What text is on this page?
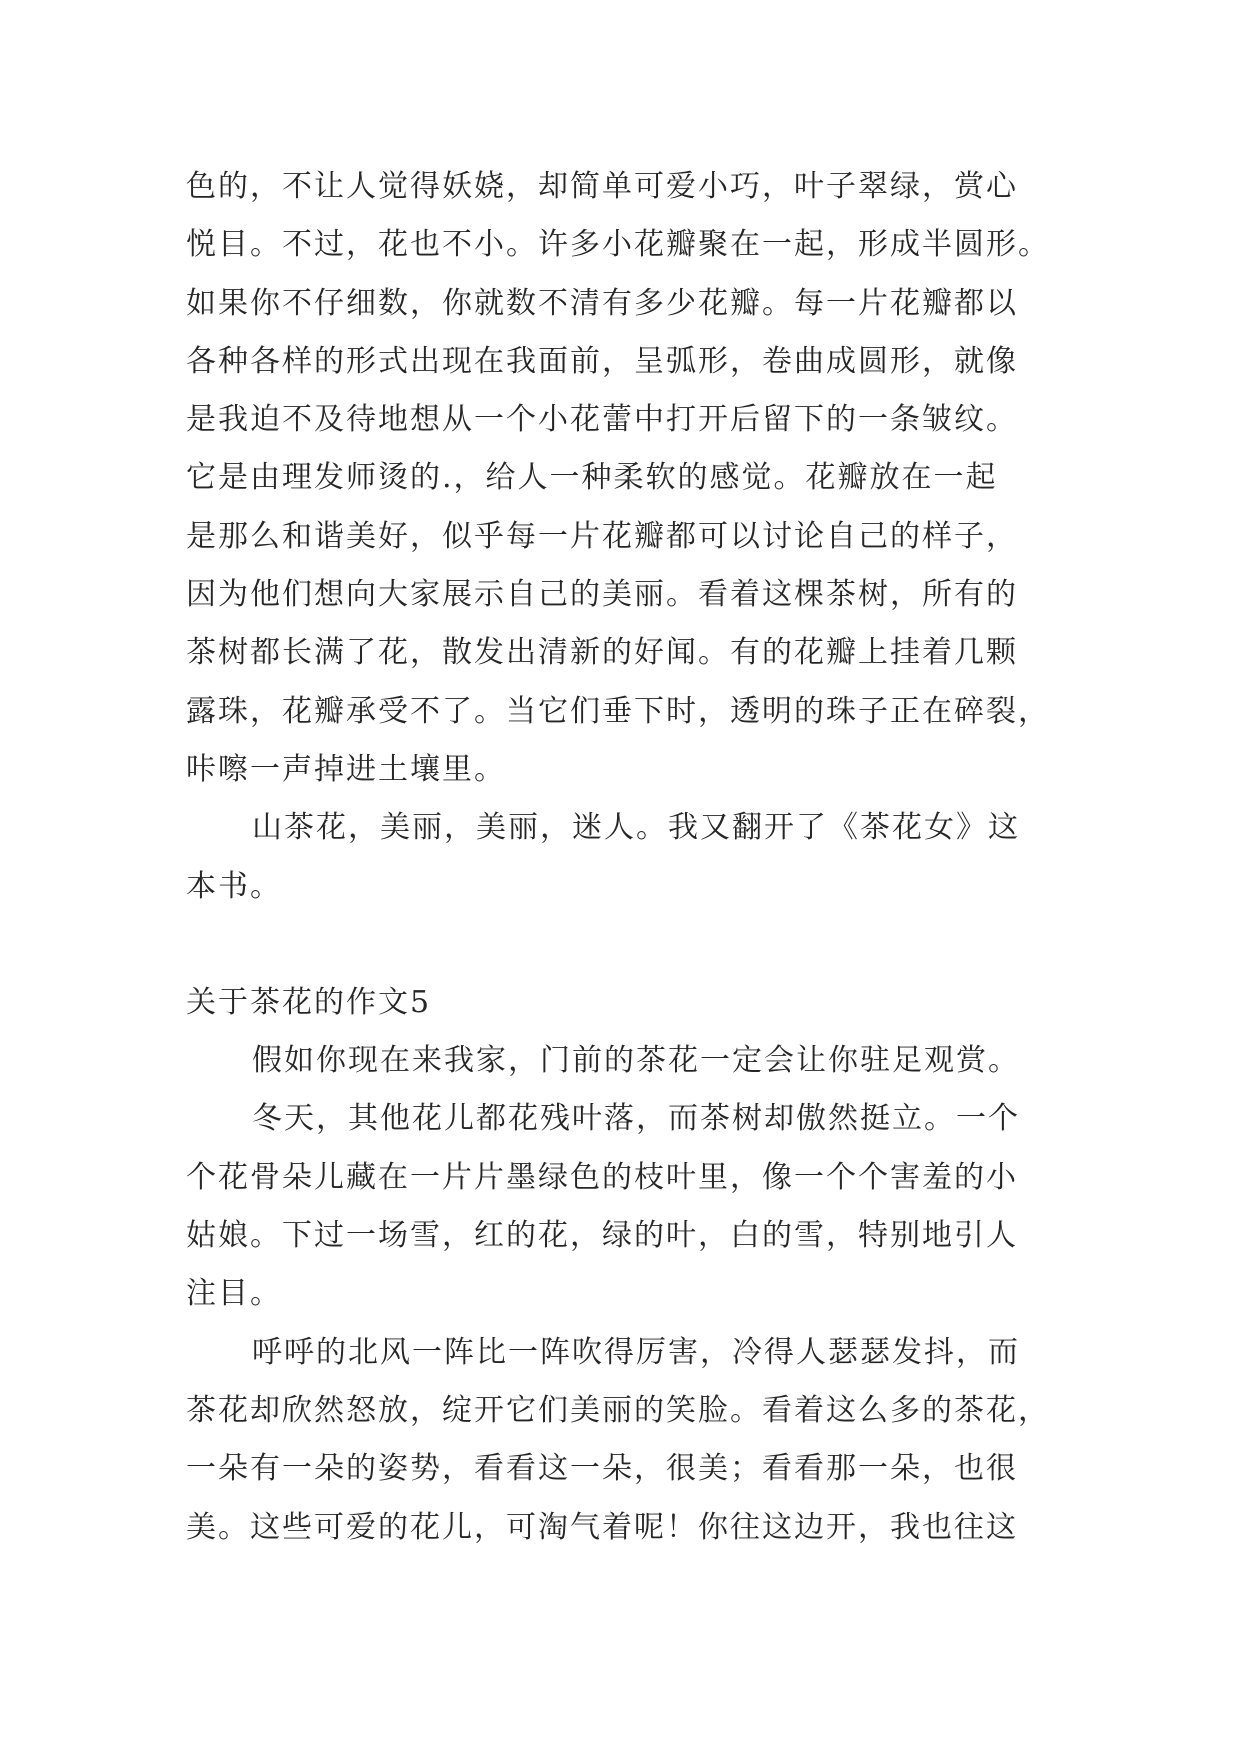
色的，不让人觉得妖娆，却简单可爱小巧，叶子翠绿，赏心
悦目。不过，花也不小。许多小花瓣聚在一起，形成半圆形。
如果你不仔细数，你就数不清有多少花瓣。每一片花瓣都以
各种各样的形式出现在我面前，呈弧形，卷曲成圆形，就像
是我迫不及待地想从一个小花蕾中打开后留下的一条皱纹。
它是由理发师烫的.，给人一种柔软的感觉。花瓣放在一起
是那么和谐美好，似乎每一片花瓣都可以讨论自己的样子，
因为他们想向大家展示自己的美丽。看着这棵茶树，所有的
茶树都长满了花，散发出清新的好闻。有的花瓣上挂着几颗
露珠，花瓣承受不了。当它们垂下时，透明的珠子正在碎裂，
咔嚓一声掉进土壤里。
山茶花，美丽，美丽，迷人。我又翻开了《茶花女》这
本书。
关于茶花的作文5
假如你现在来我家，门前的茶花一定会让你驻足观赏。
冬天，其他花儿都花残叶落，而茶树却傲然挺立。一个
个花骨朵儿藏在一片片墨绿色的枝叶里，像一个个害羞的小
姑娘。下过一场雪，红的花，绿的叶，白的雪，特别地引人
注目。
呼呼的北风一阵比一阵吹得厉害，冷得人瑟瑟发抖，而
茶花却欣然怒放，绽开它们美丽的笑脸。看着这么多的茶花，
一朵有一朵的姿势，看看这一朵，很美；看看那一朵，也很
美。这些可爱的花儿，可淘气着呢！你往这边开，我也往这
